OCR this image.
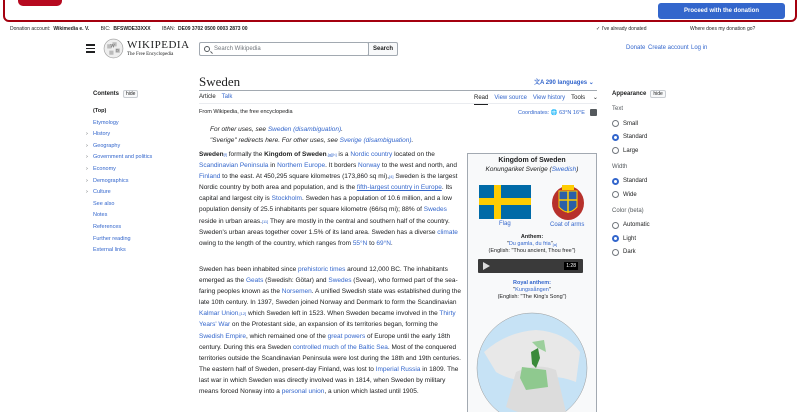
Proceed with the donation
Donation account: Wikimedia e. V. BIC: BFSWDE33XXX IBAN: DE09 3702 0500 0003 2873 00	✓ I've already donated	Where does my donation go?
W
Ω WIKIPEDIA
The Free Encyclopedia
Search Wikipedia	Search	Donate Create account Log in
Sweden	文A 290 languages ⌄
Article Talk	Read View source View history Tools ⌄
Contents hide
(Top)
Etymology
› History
› Geography
› Government and politics
› Economy
› Demographics
› Culture
See also
Notes
References
Further reading
External links
From Wikipedia, the free encyclopedia	Coordinates: 🌐 63°N 16°E
For other uses, see Sweden (disambiguation).
"Sverige" redirects here. For other uses, see Sverige (disambiguation).

Sweden[f] formally the Kingdom of Sweden$^{,[g][h]}$ is a Nordic country located on the Scandinavian Peninsula in Northern Europe. It borders Norway to the west and north, and Finland to the east. At 450,295 square kilometres (173,860 sq mi),[4] Sweden is the largest Nordic country by both area and population, and is the fifth-largest country in Europe. Its capital and largest city is Stockholm. Sweden has a population of 10.6 million, and a low population density of 25.5 inhabitants per square kilometre (66/sq mi); 88% of Swedes reside in urban areas.[11] They are mostly in the central and southern half of the country. Sweden's urban areas together cover 1.5% of its land area. Sweden has a diverse climate owing to the length of the country, which ranges from 55°N to 69°N.

Sweden has been inhabited since prehistoric times around 12,000 BC. The inhabitants emerged as the Geats (Swedish: Götar) and Swedes (Svear), who formed part of the sea-faring peoples known as the Norsemen. A unified Swedish state was established during the late 10th century. In 1397, Sweden joined Norway and Denmark to form the Scandinavian Kalmar Union$^{,[12]}$ which Sweden left in 1523. When Sweden became involved in the Thirty Years' War on the Protestant side, an expansion of its territories began, forming the Swedish Empire, which remained one of the great powers of Europe until the early 18th century. During this era Sweden controlled much of the Baltic Sea. Most of the conquered territories outside the Scandinavian Peninsula were lost during the 18th and 19th centuries. The eastern half of Sweden, present-day Finland, was lost to Imperial Russia in 1809. The last war in which Sweden was directly involved was in 1814, when Sweden by military means forced Norway into a personal union, a union which lasted until 1905.

Kingdom of Sweden
Konungariket Sverige (Swedish)
Flag	Coat of arms
Anthem:
"Du gamla, du fria"[a]
(English: "Thou ancient, Thou free")
1:28
Royal anthem:
"Kungssången"
(English: "The King's Song")
Appearance hide
Text
Small
Standard
Large
Width
Standard
Wide
Color (beta)
Automatic
Light
Dark
